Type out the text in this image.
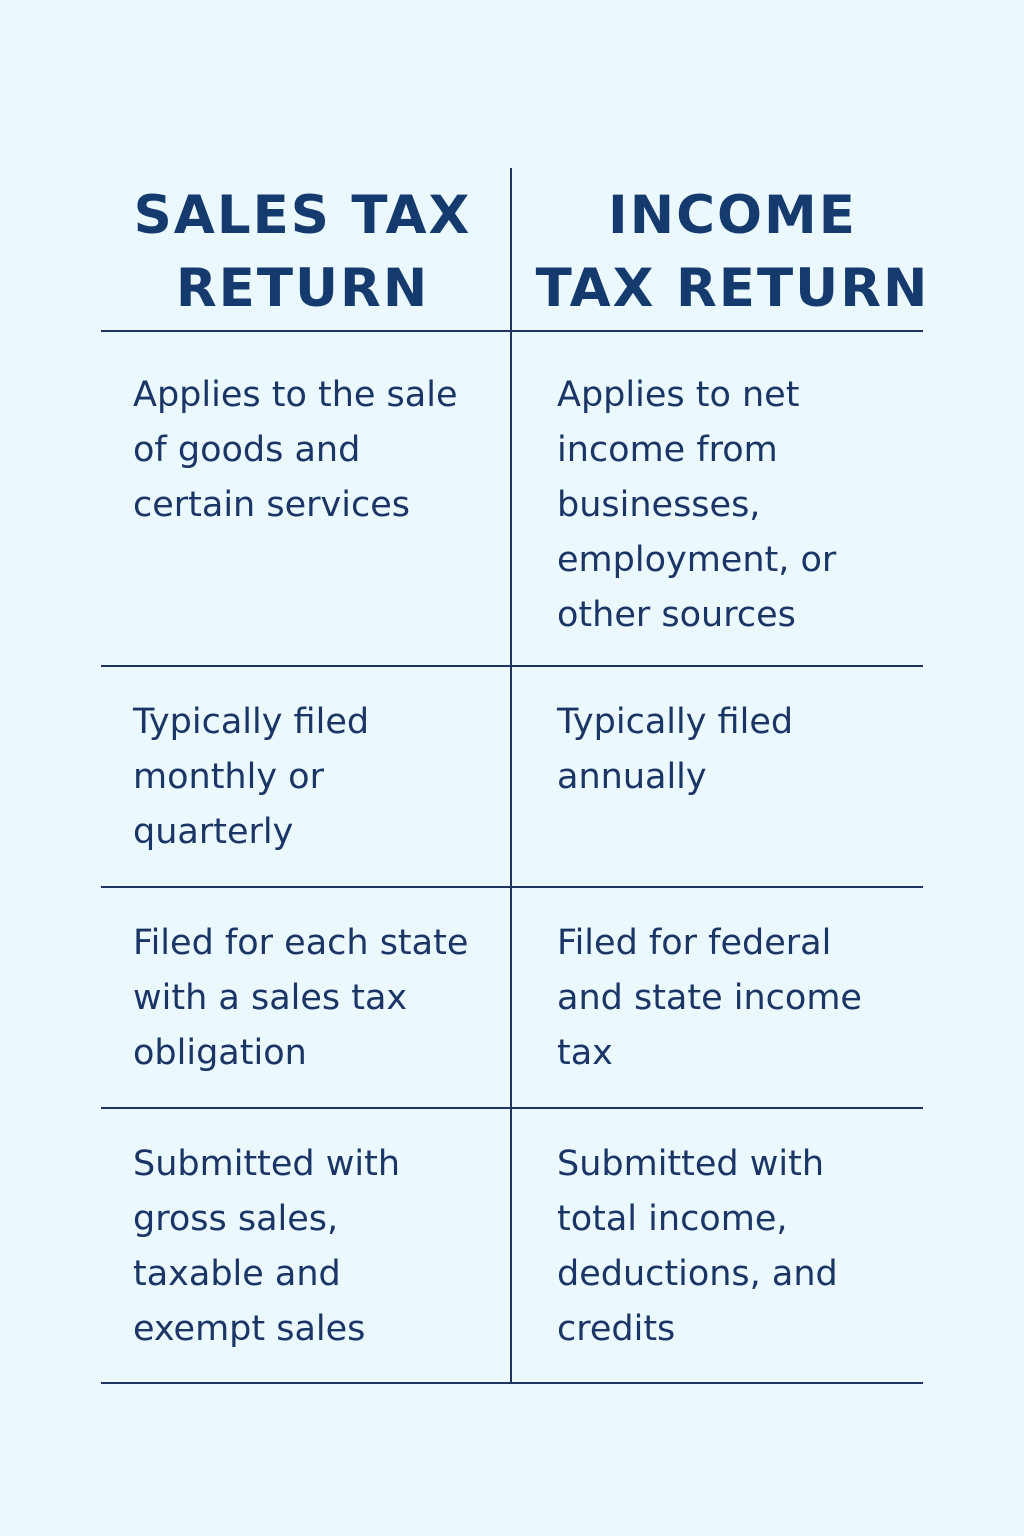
SALES TAX
RETURN
INCOME
TAX RETURN

Applies to the sale
of goods and
certain services

Applies to net
income from
businesses,
employment, or
other sources

Typically filed
monthly or
quarterly

Typically filed
annually

Filed for each state
with a sales tax
obligation

Filed for federal
and state income
tax

Submitted with
gross sales,
taxable and
exempt sales

Submitted with
total income,
deductions, and
credits
